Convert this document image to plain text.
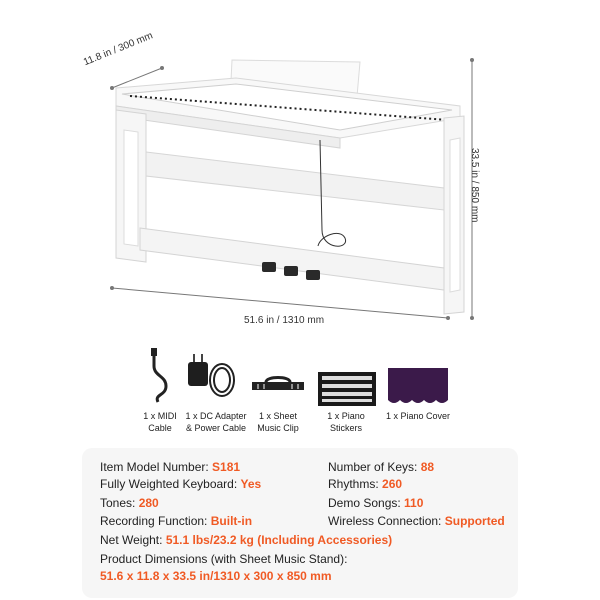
11.8 in / 300 mm
33.5 in / 850 mm
51.6 in / 1310 mm
1 x MIDI
Cable
1 x DC Adapter
& Power Cable
1 x Sheet
Music Clip
1 x Piano
Stickers
1 x Piano Cover
Item Model Number: S181	Number of Keys: 88
Fully Weighted Keyboard: Yes	Rhythms: 260
Tones: 280	Demo Songs: 110
Recording Function: Built-in	Wireless Connection: Supported
Net Weight: 51.1 lbs/23.2 kg (Including Accessories)
Product Dimensions (with Sheet Music Stand):
51.6 x 11.8 x 33.5 in/1310 x 300 x 850 mm
